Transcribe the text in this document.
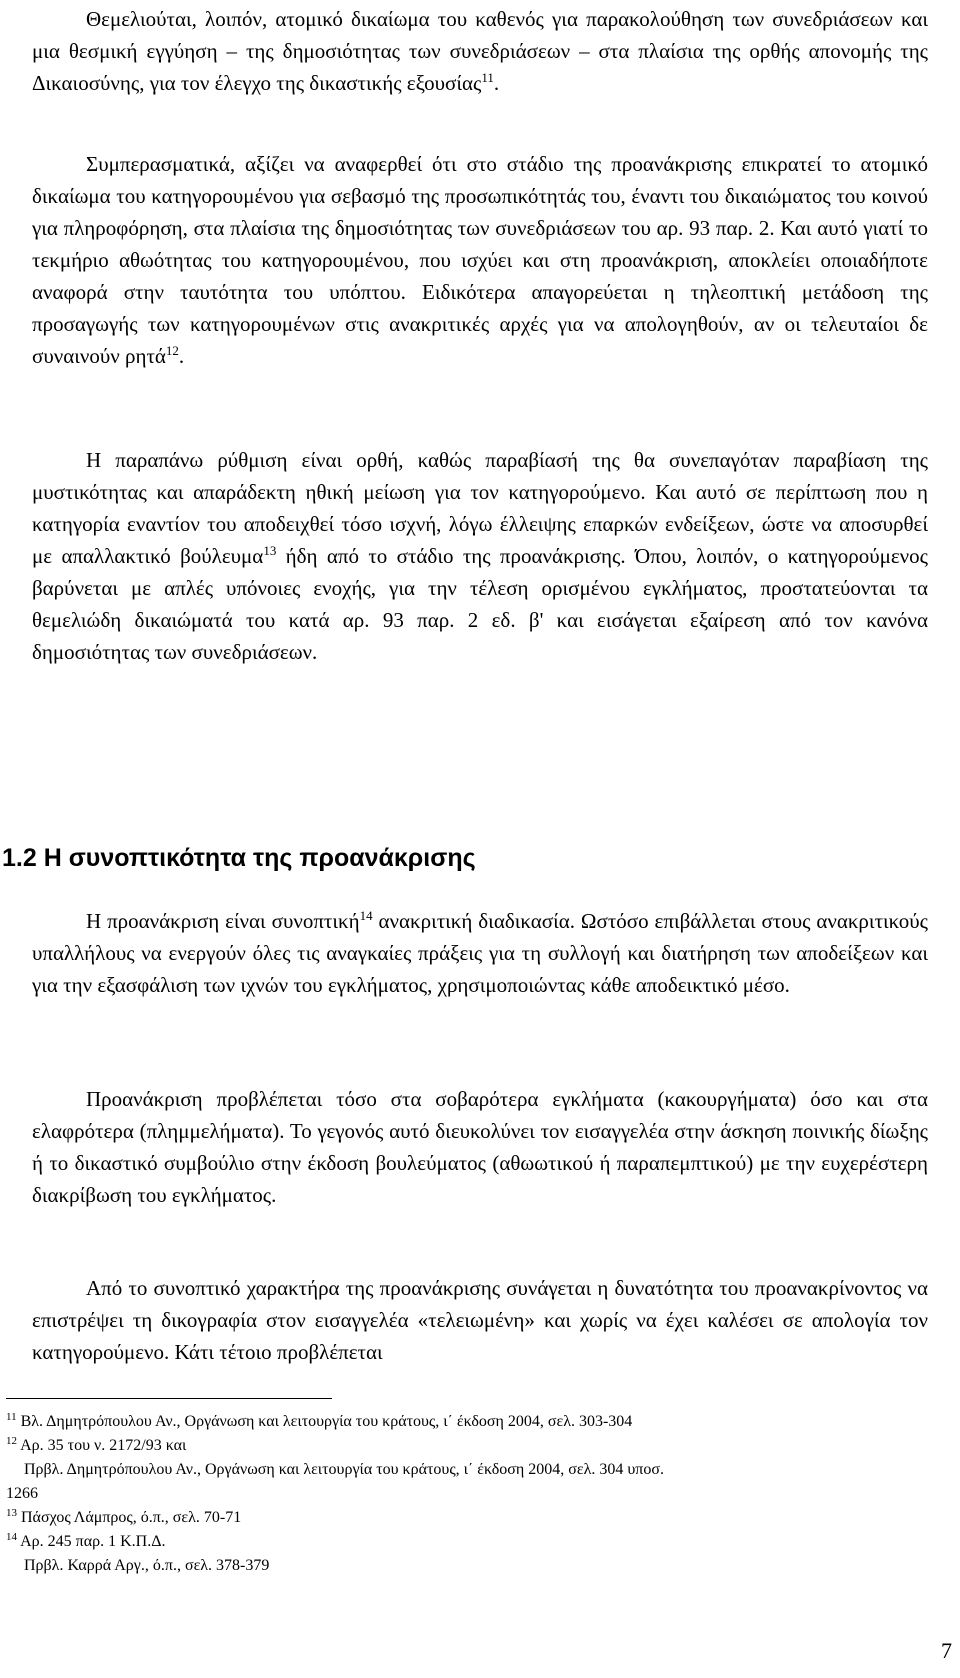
Θεμελιούται, λοιπόν, ατομικό δικαίωμα του καθενός για παρακολούθηση των συνεδριάσεων και μια θεσμική εγγύηση – της δημοσιότητας των συνεδριάσεων – στα πλαίσια της ορθής απονομής της Δικαιοσύνης, για τον έλεγχο της δικαστικής εξουσίας$^{11}$.

Συμπερασματικά, αξίζει να αναφερθεί ότι στο στάδιο της προανάκρισης επικρατεί το ατομικό δικαίωμα του κατηγορουμένου για σεβασμό της προσωπικότητάς του, έναντι του δικαιώματος του κοινού για πληροφόρηση, στα πλαίσια της δημοσιότητας των συνεδριάσεων του αρ. 93 παρ. 2. Και αυτό γιατί το τεκμήριο αθωότητας του κατηγορουμένου, που ισχύει και στη προανάκριση, αποκλείει οποιαδήποτε αναφορά στην ταυτότητα του υπόπτου. Ειδικότερα απαγορεύεται η τηλεοπτική μετάδοση της προσαγωγής των κατηγορουμένων στις ανακριτικές αρχές για να απολογηθούν, αν οι τελευταίοι δε συναινούν ρητά$^{12}$.

Η παραπάνω ρύθμιση είναι ορθή, καθώς παραβίασή της θα συνεπαγόταν παραβίαση της μυστικότητας και απαράδεκτη ηθική μείωση για τον κατηγορούμενο. Και αυτό σε περίπτωση που η κατηγορία εναντίον του αποδειχθεί τόσο ισχνή, λόγω έλλειψης επαρκών ενδείξεων, ώστε να αποσυρθεί με απαλλακτικό βούλευμα$^{13}$ ήδη από το στάδιο της προανάκρισης. Όπου, λοιπόν, ο κατηγορούμενος βαρύνεται με απλές υπόνοιες ενοχής, για την τέλεση ορισμένου εγκλήματος, προστατεύονται τα θεμελιώδη δικαιώματά του κατά αρ. 93 παρ. 2 εδ. β' και εισάγεται εξαίρεση από τον κανόνα δημοσιότητας των συνεδριάσεων.

1.2 Η συνοπτικότητα της προανάκρισης

Η προανάκριση είναι συνοπτική$^{14}$ ανακριτική διαδικασία. Ωστόσο επιβάλλεται στους ανακριτικούς υπαλλήλους να ενεργούν όλες τις αναγκαίες πράξεις για τη συλλογή και διατήρηση των αποδείξεων και για την εξασφάλιση των ιχνών του εγκλήματος, χρησιμοποιώντας κάθε αποδεικτικό μέσο.

Προανάκριση προβλέπεται τόσο στα σοβαρότερα εγκλήματα (κακουργήματα) όσο και στα ελαφρότερα (πλημμελήματα). Το γεγονός αυτό διευκολύνει τον εισαγγελέα στην άσκηση ποινικής δίωξης ή το δικαστικό συμβούλιο στην έκδοση βουλεύματος (αθωωτικού ή παραπεμπτικού) με την ευχερέστερη διακρίβωση του εγκλήματος.

Από το συνοπτικό χαρακτήρα της προανάκρισης συνάγεται η δυνατότητα του προανακρίνοντος να επιστρέψει τη δικογραφία στον εισαγγελέα «τελειωμένη» και χωρίς να έχει καλέσει σε απολογία τον κατηγορούμενο. Κάτι τέτοιο προβλέπεται

$^{11}$ Βλ. Δημητρόπουλου Αν., Οργάνωση και λειτουργία του κράτους, ι΄ έκδοση 2004, σελ. 303-304

$^{12}$ Αρ. 35 του ν. 2172/93 και

Πρβλ. Δημητρόπουλου Αν., Οργάνωση και λειτουργία του κράτους, ι΄ έκδοση 2004, σελ. 304 υποσ.

1266

$^{13}$ Πάσχος Λάμπρος, ό.π., σελ. 70-71

$^{14}$ Αρ. 245 παρ. 1 Κ.Π.Δ.

Πρβλ. Καρρά Αργ., ό.π., σελ. 378-379

7
